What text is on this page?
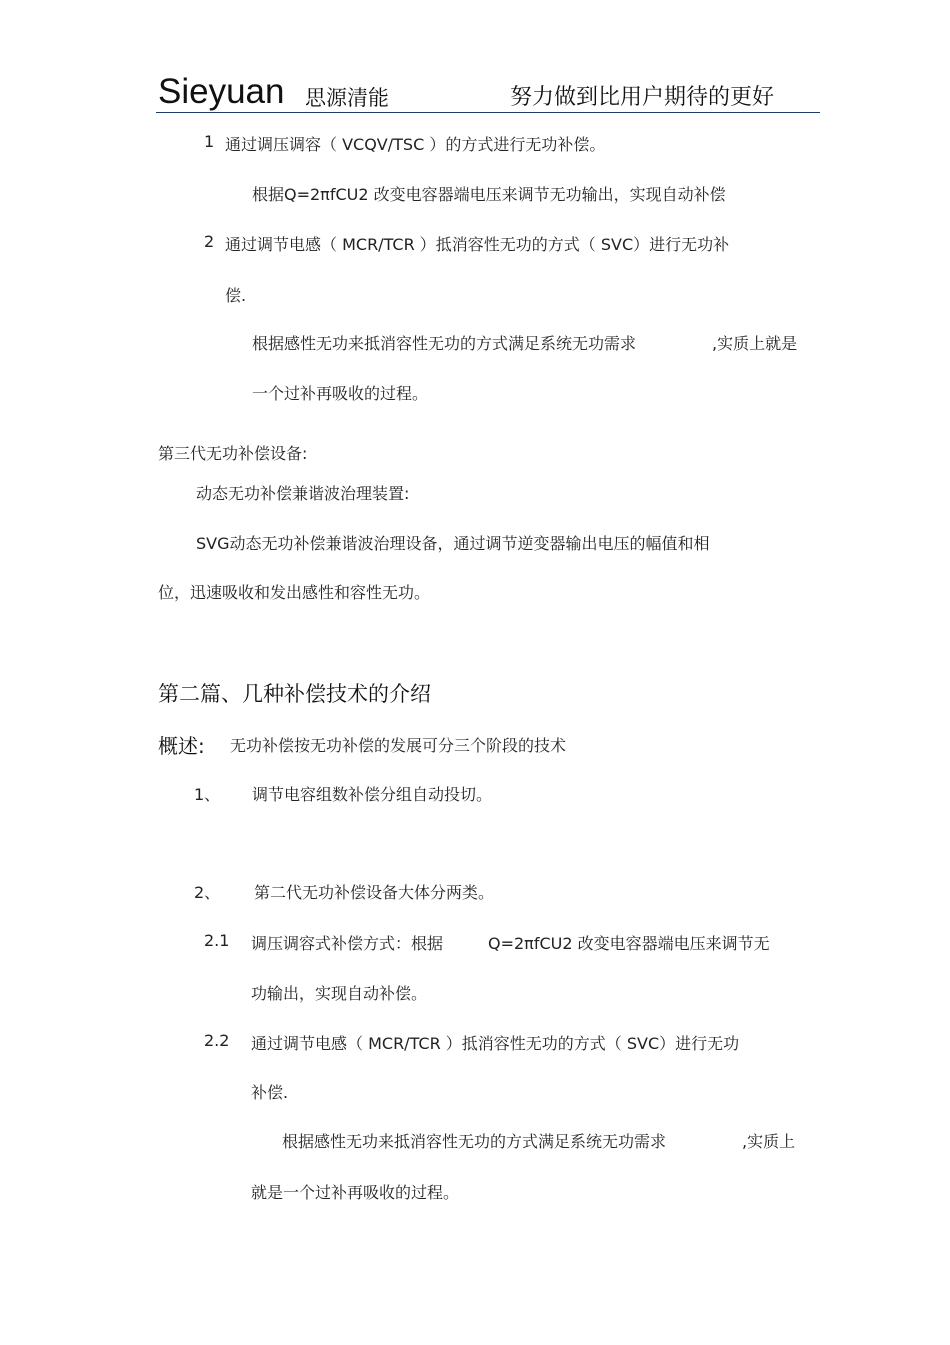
Sieyuan 思源清能	努力做到比用户期待的更好
1 通过调压调容（ VCQV/TSC ）的方式进行无功补偿。
根据Q=2πfCU2 改变电容器端电压来调节无功输出，实现自动补偿
2 通过调节电感（ MCR/TCR ）抵消容性无功的方式（ SVC）进行无功补
偿.
根据感性无功来抵消容性无功的方式满足系统无功需求	,实质上就是
一个过补再吸收的过程。
第三代无功补偿设备:
动态无功补偿兼谐波治理装置:
SVG动态无功补偿兼谐波治理设备，通过调节逆变器输出电压的幅值和相
位，迅速吸收和发出感性和容性无功。
第二篇、几种补偿技术的介绍
概述: 无功补偿按无功补偿的发展可分三个阶段的技术
1、 调节电容组数补偿分组自动投切。
2、 第二代无功补偿设备大体分两类。
2.1 调压调容式补偿方式：根据	Q=2πfCU2 改变电容器端电压来调节无
功输出，实现自动补偿。
2.2 通过调节电感（ MCR/TCR ）抵消容性无功的方式（ SVC）进行无功
补偿.
根据感性无功来抵消容性无功的方式满足系统无功需求	,实质上
就是一个过补再吸收的过程。
